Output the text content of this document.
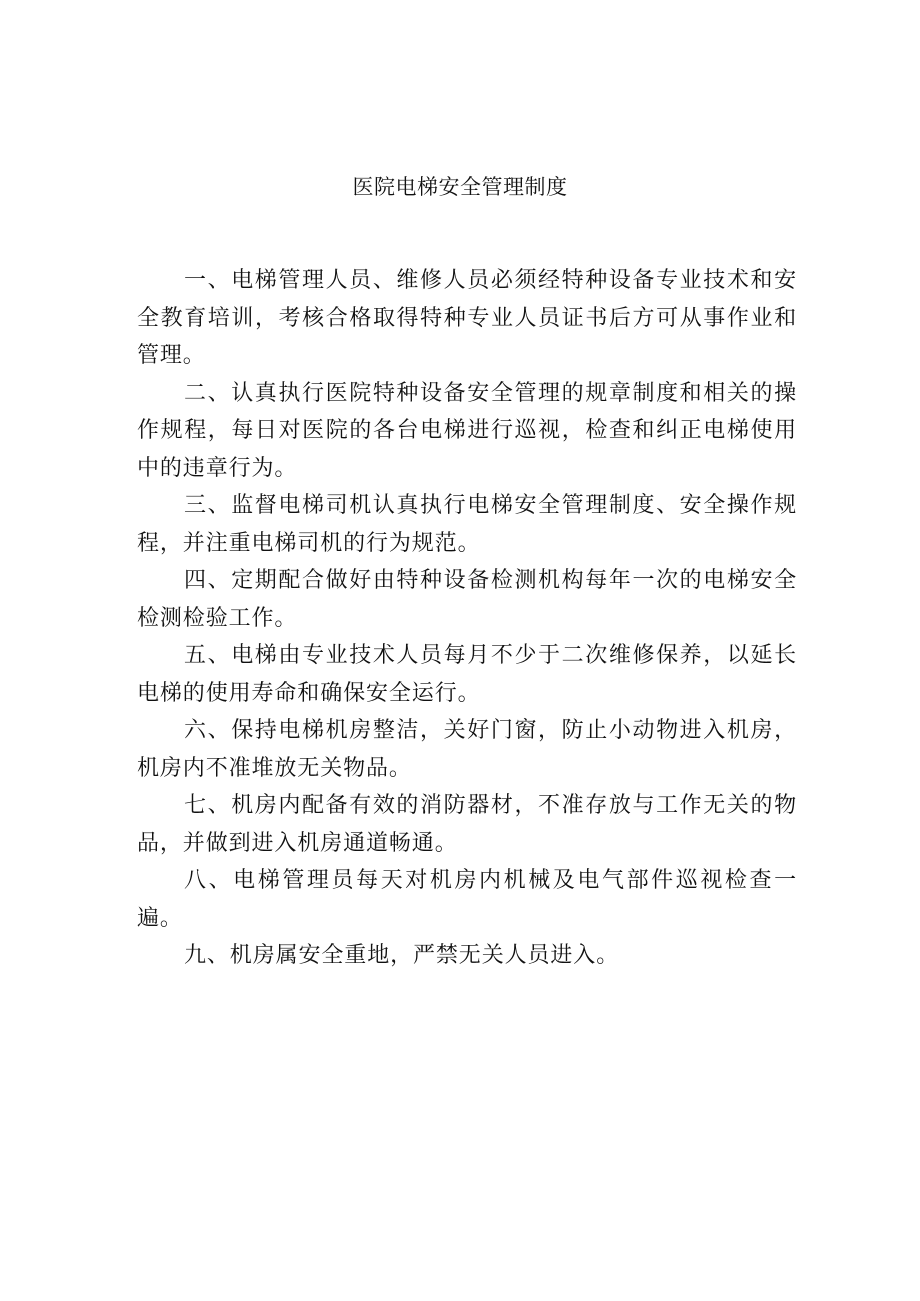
医院电梯安全管理制度

一、电梯管理人员、维修人员必须经特种设备专业技术和安全教育培训，考核合格取得特种专业人员证书后方可从事作业和管理。

二、认真执行医院特种设备安全管理的规章制度和相关的操作规程，每日对医院的各台电梯进行巡视，检查和纠正电梯使用中的违章行为。

三、监督电梯司机认真执行电梯安全管理制度、安全操作规程，并注重电梯司机的行为规范。

四、定期配合做好由特种设备检测机构每年一次的电梯安全检测检验工作。

五、电梯由专业技术人员每月不少于二次维修保养，以延长电梯的使用寿命和确保安全运行。

六、保持电梯机房整洁，关好门窗，防止小动物进入机房，机房内不准堆放无关物品。

七、机房内配备有效的消防器材，不准存放与工作无关的物品，并做到进入机房通道畅通。

八、电梯管理员每天对机房内机械及电气部件巡视检查一遍。

九、机房属安全重地，严禁无关人员进入。
